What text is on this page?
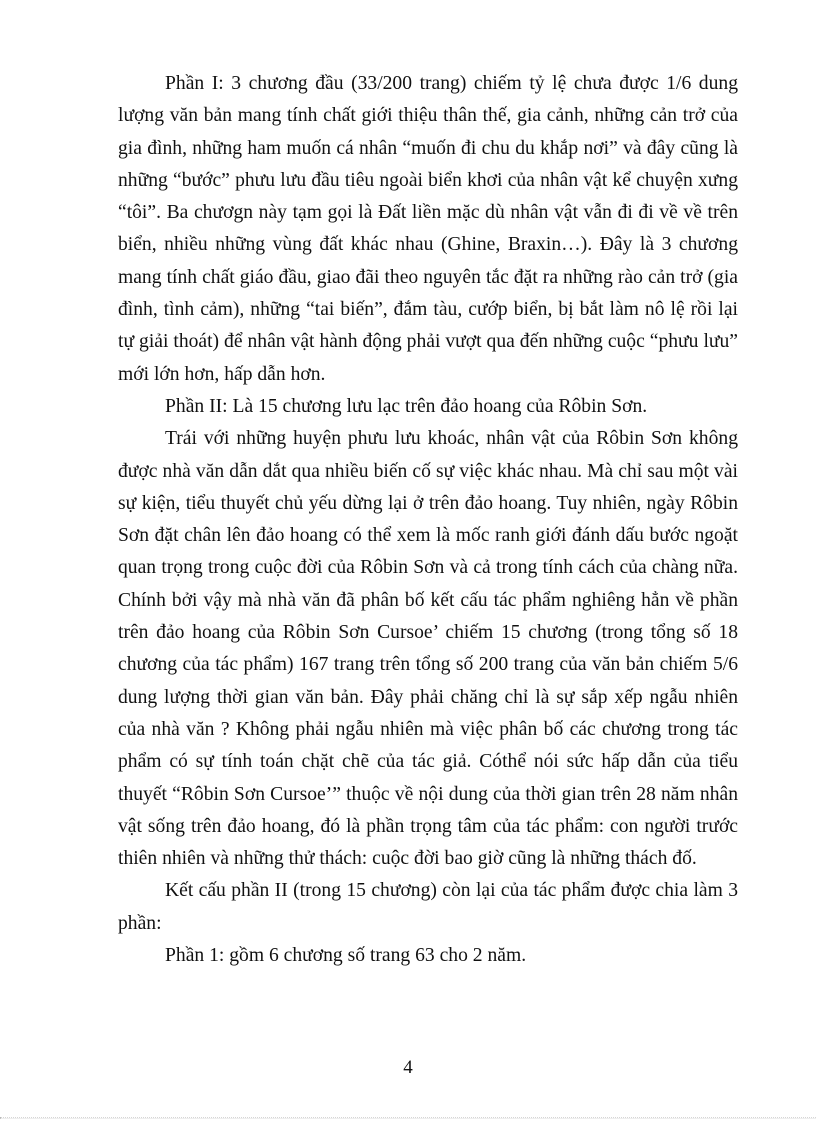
Phần I: 3 chương đầu (33/200 trang) chiếm tỷ lệ chưa được 1/6 dung lượng văn bản mang tính chất giới thiệu thân thế, gia cảnh, những cản trở của gia đình, những ham muốn cá nhân “muốn đi chu du khắp nơi” và đây cũng là những “bước” phưu lưu đầu tiêu ngoài biển khơi của nhân vật kể chuyện xưng “tôi”. Ba chươgn này tạm gọi là Đất liền mặc dù nhân vật vẫn đi đi về về trên biển, nhiều những vùng đất khác nhau (Ghine, Braxin…). Đây là 3 chương mang tính chất giáo đầu, giao đãi theo nguyên tắc đặt ra những rào cản trở (gia đình, tình cảm), những “tai biến”, đắm tàu, cướp biển, bị bắt làm nô lệ rồi lại tự giải thoát) để nhân vật hành động phải vượt qua đến những cuộc “phưu lưu” mới lớn hơn, hấp dẫn hơn.

Phần II: Là 15 chương lưu lạc trên đảo hoang của Rôbin Sơn.

Trái với những huyện phưu lưu khoác, nhân vật của Rôbin Sơn không được nhà văn dẫn dắt qua nhiều biến cố sự việc khác nhau. Mà chỉ sau một vài sự kiện, tiểu thuyết chủ yếu dừng lại ở trên đảo hoang. Tuy nhiên, ngày Rôbin Sơn đặt chân lên đảo hoang có thể xem là mốc ranh giới đánh dấu bước ngoặt quan trọng trong cuộc đời của Rôbin Sơn và cả trong tính cách của chàng nữa. Chính bởi vậy mà nhà văn đã phân bố kết cấu tác phẩm nghiêng hẳn về phần trên đảo hoang của Rôbin Sơn Cursoe’ chiếm 15 chương (trong tổng số 18 chương của tác phẩm) 167 trang trên tổng số 200 trang của văn bản chiếm 5/6 dung lượng thời gian văn bản. Đây phải chăng chỉ là sự sắp xếp ngẫu nhiên của nhà văn ? Không phải ngẫu nhiên mà việc phân bố các chương trong tác phẩm có sự tính toán chặt chẽ của tác giả. Cóthể nói sức hấp dẫn của tiểu thuyết “Rôbin Sơn Cursoe’” thuộc về nội dung của thời gian trên 28 năm nhân vật sống trên đảo hoang, đó là phần trọng tâm của tác phẩm: con người trước thiên nhiên và những thử thách: cuộc đời bao giờ cũng là những thách đố.

Kết cấu phần II (trong 15 chương) còn lại của tác phẩm được chia làm 3 phần:

Phần 1: gồm 6 chương số trang 63 cho 2 năm.

4
